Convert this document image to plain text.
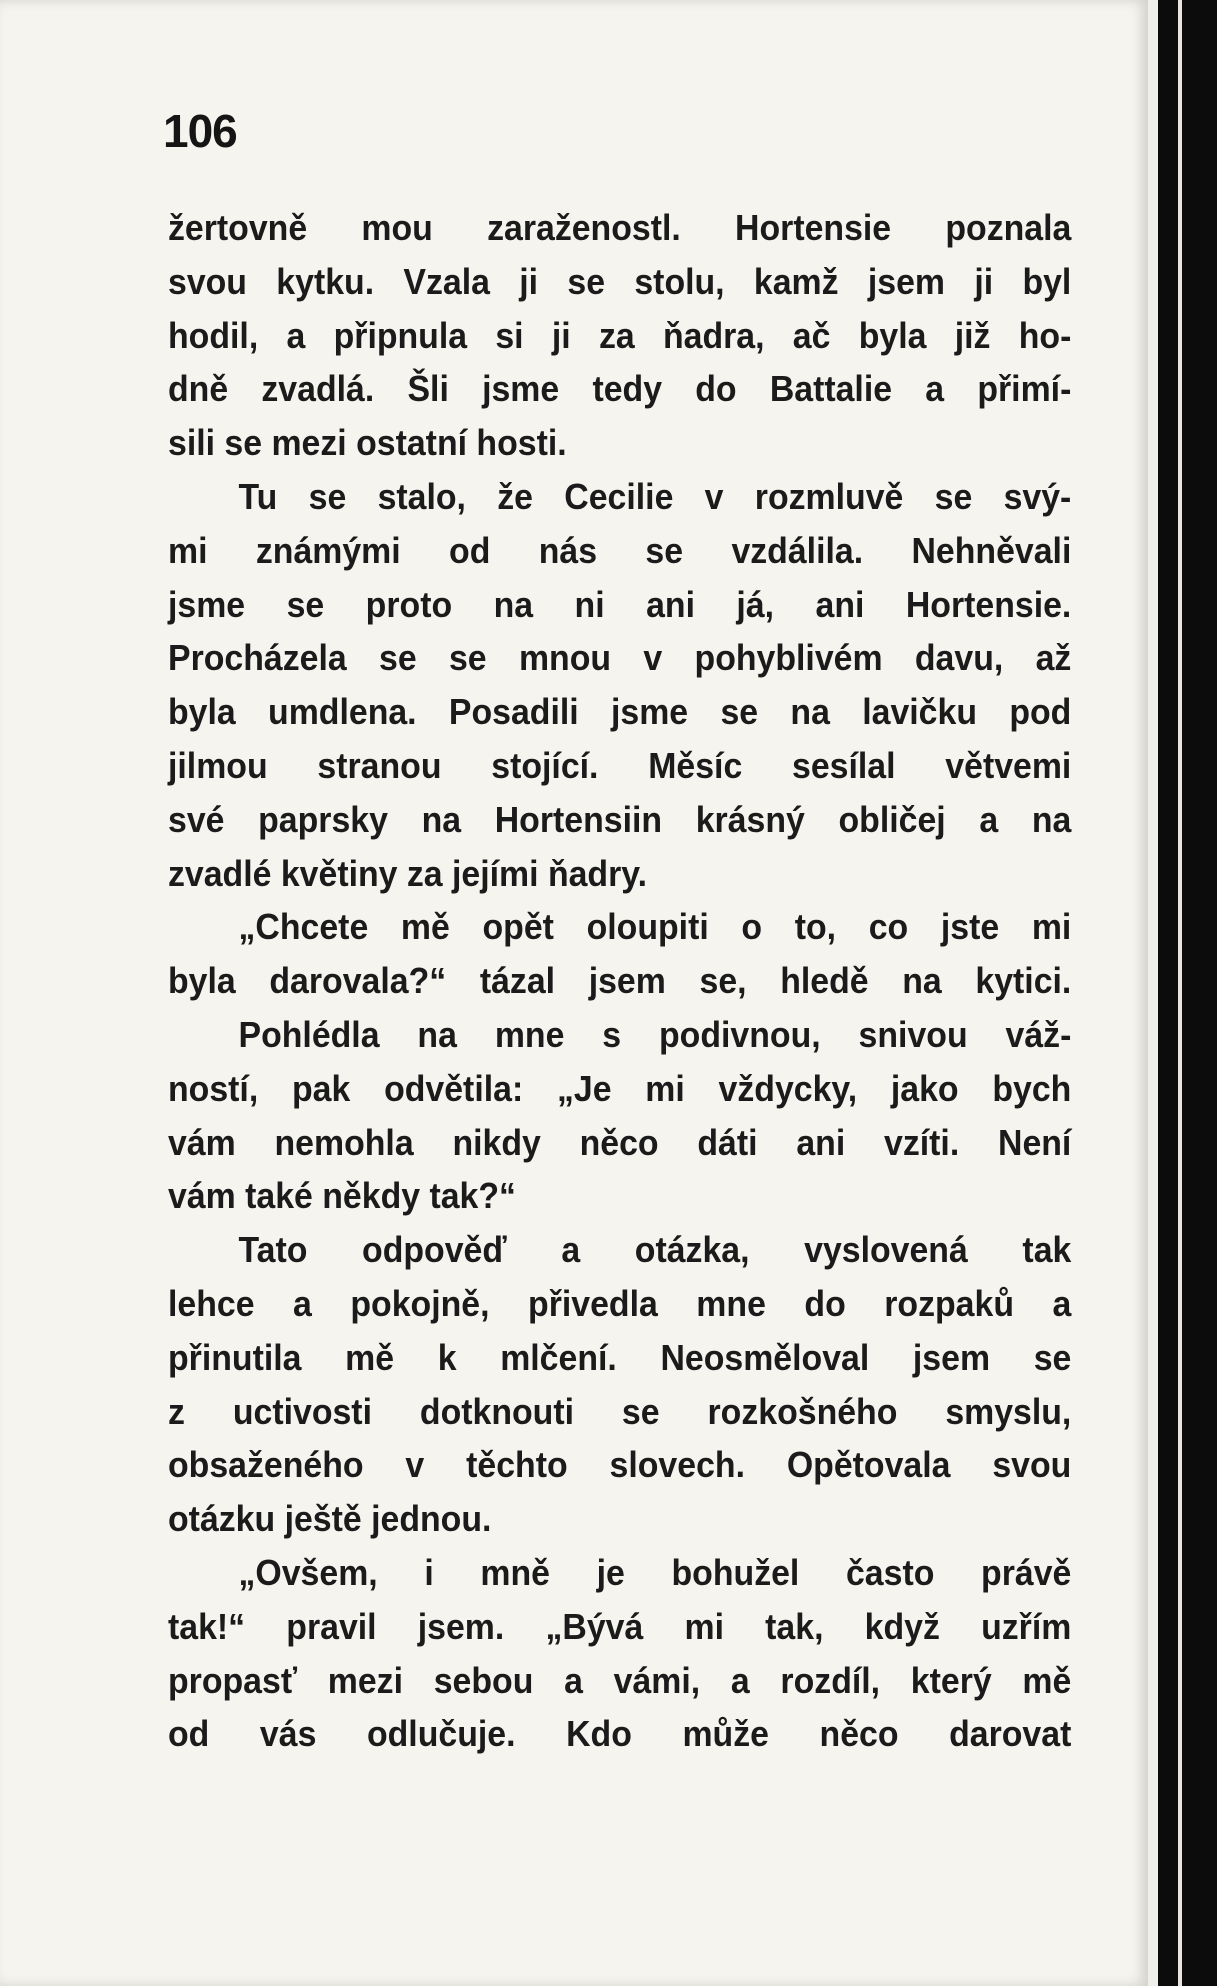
106
žertovně mou zaraženostl. Hortensie poznala
svou kytku. Vzala ji se stolu, kamž jsem ji byl
hodil, a připnula si ji za ňadra, ač byla již ho-
dně zvadlá. Šli jsme tedy do Battalie a přimí-
sili se mezi ostatní hosti.
Tu se stalo, že Cecilie v rozmluvě se svý-
mi známými od nás se vzdálila. Nehněvali
jsme se proto na ni ani já, ani Hortensie.
Procházela se se mnou v pohyblivém davu, až
byla umdlena. Posadili jsme se na lavičku pod
jilmou stranou stojící. Měsíc sesílal větvemi
své paprsky na Hortensiin krásný obličej a na
zvadlé květiny za jejími ňadry.
„Chcete mě opět oloupiti o to, co jste mi
byla darovala?“ tázal jsem se, hledě na kytici.
Pohlédla na mne s podivnou, snivou váž-
ností, pak odvětila: „Je mi vždycky, jako bych
vám nemohla nikdy něco dáti ani vzíti. Není
vám také někdy tak?“
Tato odpověď a otázka, vyslovená tak
lehce a pokojně, přivedla mne do rozpaků a
přinutila mě k mlčení. Neosměloval jsem se
z uctivosti dotknouti se rozkošného smyslu,
obsaženého v těchto slovech. Opětovala svou
otázku ještě jednou.
„Ovšem, i mně je bohužel často právě
tak!“ pravil jsem. „Bývá mi tak, když uzřím
propasť mezi sebou a vámi, a rozdíl, který mě
od vás odlučuje. Kdo může něco darovat
